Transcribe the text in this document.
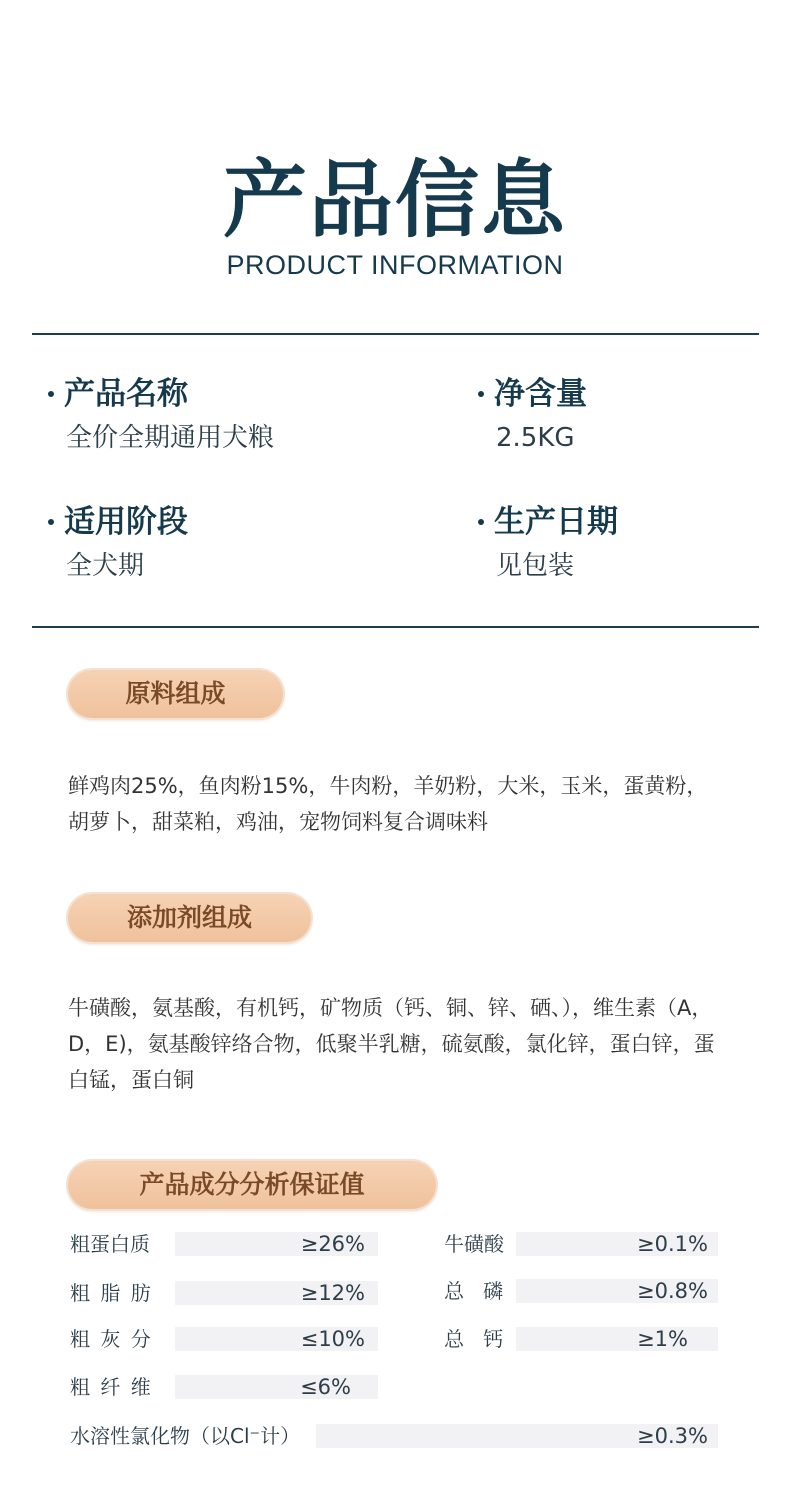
产品信息
PRODUCT INFORMATION
产品名称
全价全期通用犬粮
净含量
2.5KG
适用阶段
全犬期
生产日期
见包装
原料组成
鲜鸡肉25%，鱼肉粉15%，牛肉粉，羊奶粉，大米，玉米，蛋黄粉，胡萝卜，甜菜粕，鸡油，宠物饲料复合调味料
添加剂组成
牛磺酸，氨基酸，有机钙，矿物质（钙、铜、锌、硒、），维生素（A，D，E)，氨基酸锌络合物，低聚半乳糖，硫氨酸，氯化锌，蛋白锌，蛋白锰，蛋白铜
产品成分分析保证值
粗蛋白质	≥26%	牛磺酸	≥0.1%
粗 脂 肪	≥12%	总   磷	≥0.8%
粗 灰 分	≤10%	总   钙	≥1%
粗 纤 维	≤6%
水溶性氯化物（以Cl⁻计）	≥0.3%
